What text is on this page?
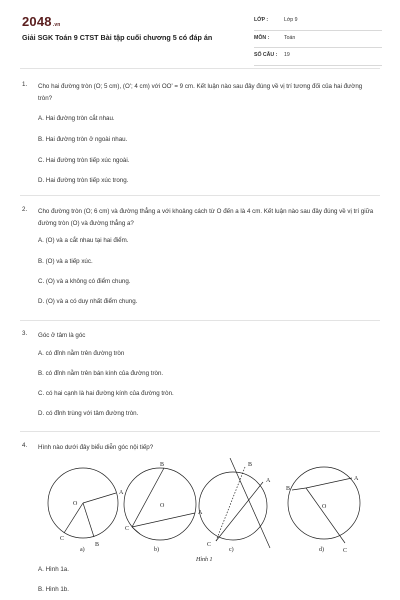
2048.vn
Giải SGK Toán 9 CTST Bài tập cuối chương 5 có đáp án
LỚP :	Lớp 9
MÔN :	Toán
SỐ CÂU : 19
1. Cho hai đường tròn (O; 5 cm), (O'; 4 cm) với OO' = 9 cm. Kết luận nào sau đây đúng về vị trí tương đối của hai đường tròn?
A. Hai đường tròn cắt nhau.
B. Hai đường tròn ở ngoài nhau.
C. Hai đường tròn tiếp xúc ngoài.
D. Hai đường tròn tiếp xúc trong.
2. Cho đường tròn (O; 6 cm) và đường thẳng a với khoảng cách từ O đến a là 4 cm. Kết luận nào sau đây đúng về vị trí giữa đường tròn (O) và đường thẳng a?
A. (O) và a cắt nhau tại hai điểm.
B. (O) và a tiếp xúc.
C. (O) và a không có điểm chung.
D. (O) và a có duy nhất điểm chung.
3. Góc ở tâm là góc
A. có đỉnh nằm trên đường tròn
B. có đỉnh nằm trên bán kính của đường tròn.
C. có hai cạnh là hai đường kính của đường tròn.
D. có đỉnh trùng với tâm đường tròn.
4. Hình nào dưới đây biểu diễn góc nội tiếp?
A. Hình 1a.
B. Hình 1b.
O
A
B
C
B
O
A
C
B
A
C
B
O
A
C
a)	b)	c)	d)
Hình 1
